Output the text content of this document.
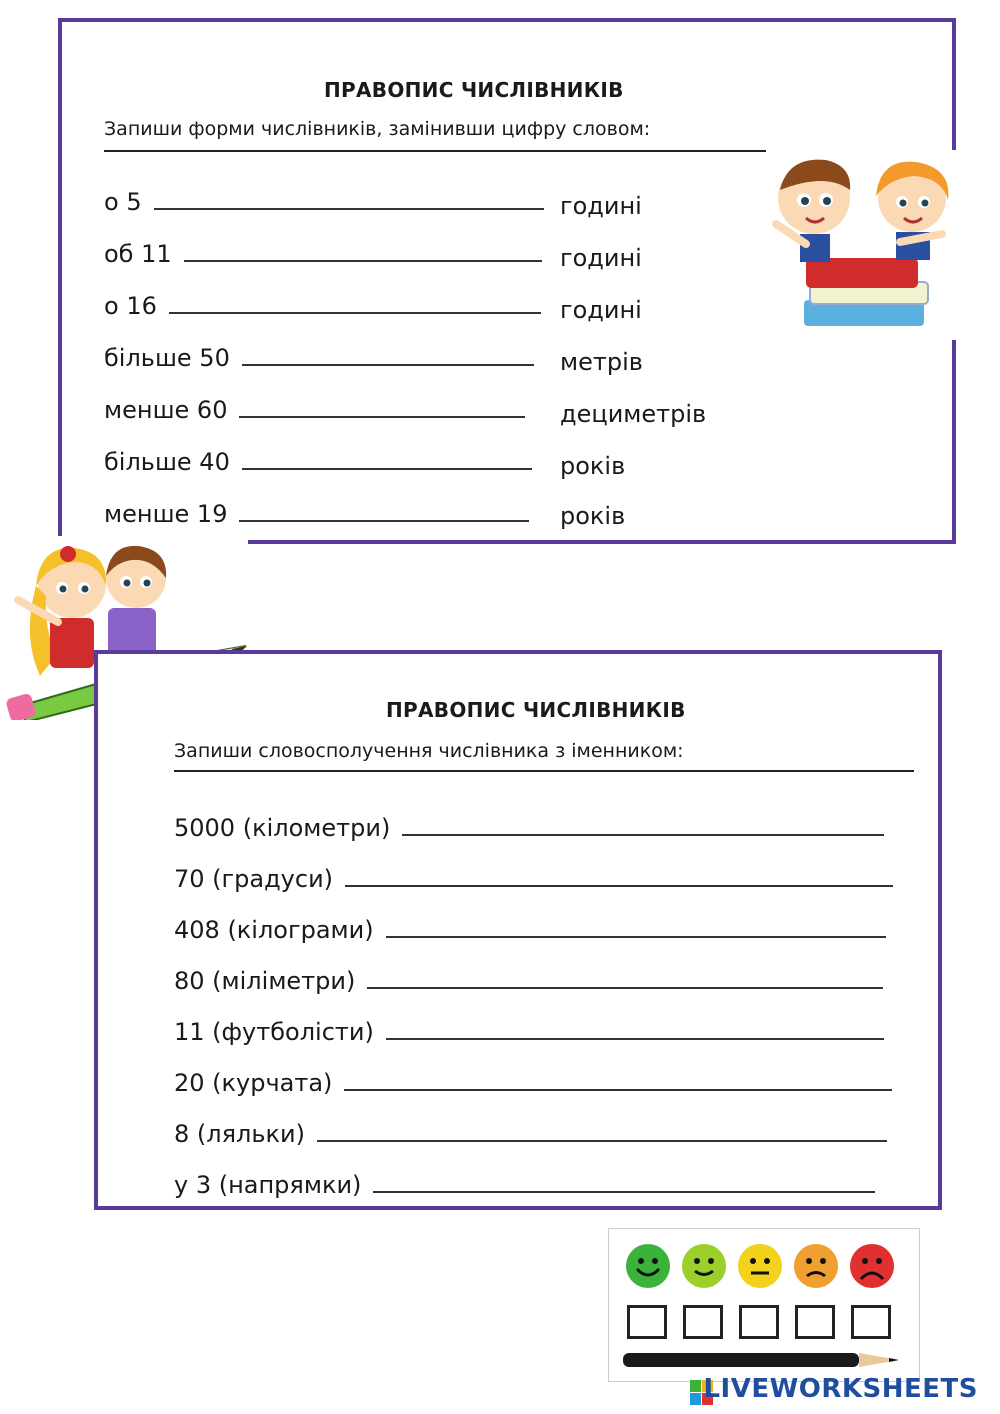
ПРАВОПИС ЧИСЛІВНИКІВ
Запиши форми числівників, замінивши цифру словом:
о 5	годині
об 11	годині
о 16	годині
більше 50	метрів
менше 60	дециметрів
більше 40	років
менше 19	років
ПРАВОПИС ЧИСЛІВНИКІВ
Запиши словосполучення числівника з іменником:
5000 (кілометри)
70 (градуси)
408 (кілограми)
80 (міліметри)
11 (футболісти)
20 (курчата)
8 (ляльки)
у 3 (напрямки)
LIVEWORKSHEETS
